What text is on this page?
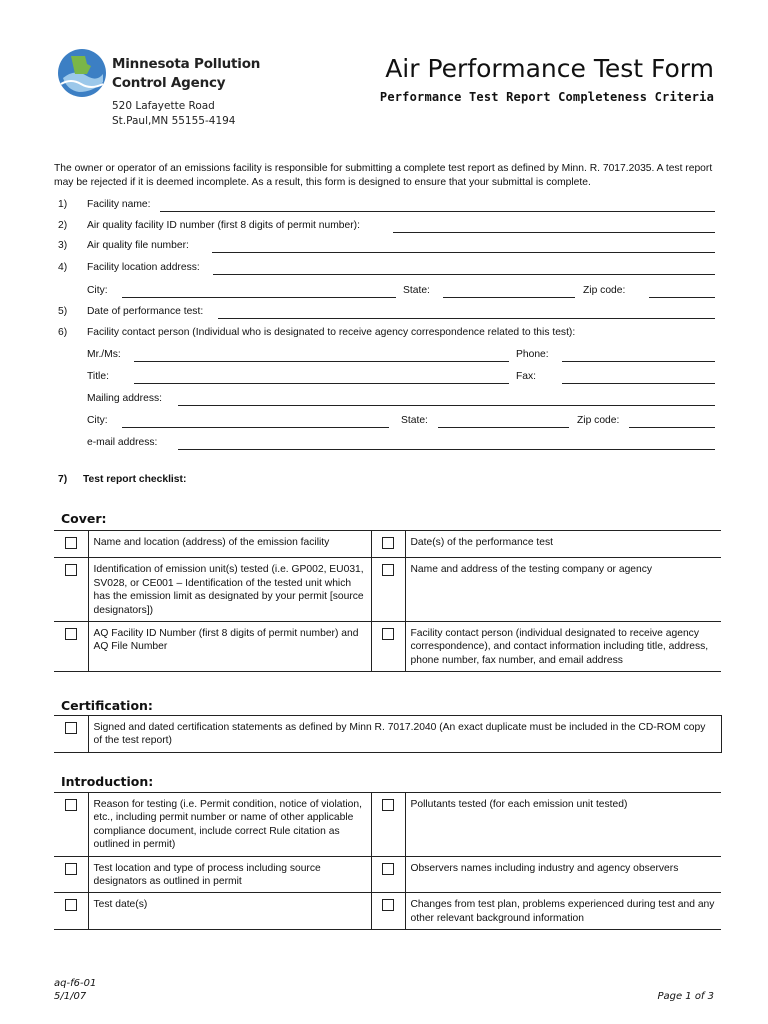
Minnesota Pollution
Control Agency
520 Lafayette Road
St.Paul,MN 55155-4194
Air Performance Test Form
Performance Test Report Completeness Criteria
The owner or operator of an emissions facility is responsible for submitting a complete test report as defined by Minn. R. 7017.2035. A test report may be rejected if it is deemed incomplete. As a result, this form is designed to ensure that your submittal is complete.
1) Facility name:
2) Air quality facility ID number (first 8 digits of permit number):
3) Air quality file number:
4) Facility location address:
City:	State:	Zip code:
5) Date of performance test:
6) Facility contact person (Individual who is designated to receive agency correspondence related to this test):
Mr./Ms:	Phone:
Title:	Fax:
Mailing address:
City:	State:	Zip code:
e-mail address:
7) Test report checklist:
Cover:
	Name and location (address) of the emission facility		Date(s) of the performance test
	Identification of emission unit(s) tested (i.e. GP002, EU031, SV028, or CE001 – Identification of the tested unit which has the emission limit as designated by your permit [source designators])		Name and address of the testing company or agency
	AQ Facility ID Number (first 8 digits of permit number) and AQ File Number		Facility contact person (individual designated to receive agency correspondence), and contact information including title, address, phone number, fax number, and email address
Certification:
	Signed and dated certification statements as defined by Minn R. 7017.2040 (An exact duplicate must be included in the CD-ROM copy of the test report)
Introduction:
	Reason for testing (i.e. Permit condition, notice of violation, etc., including permit number or name of other applicable compliance document, include correct Rule citation as outlined in permit)		Pollutants tested (for each emission unit tested)
	Test location and type of process including source designators as outlined in permit		Observers names including industry and agency observers
	Test date(s)		Changes from test plan, problems experienced during test and any other relevant background information
aq-f6-01
5/1/07	Page 1 of 3
